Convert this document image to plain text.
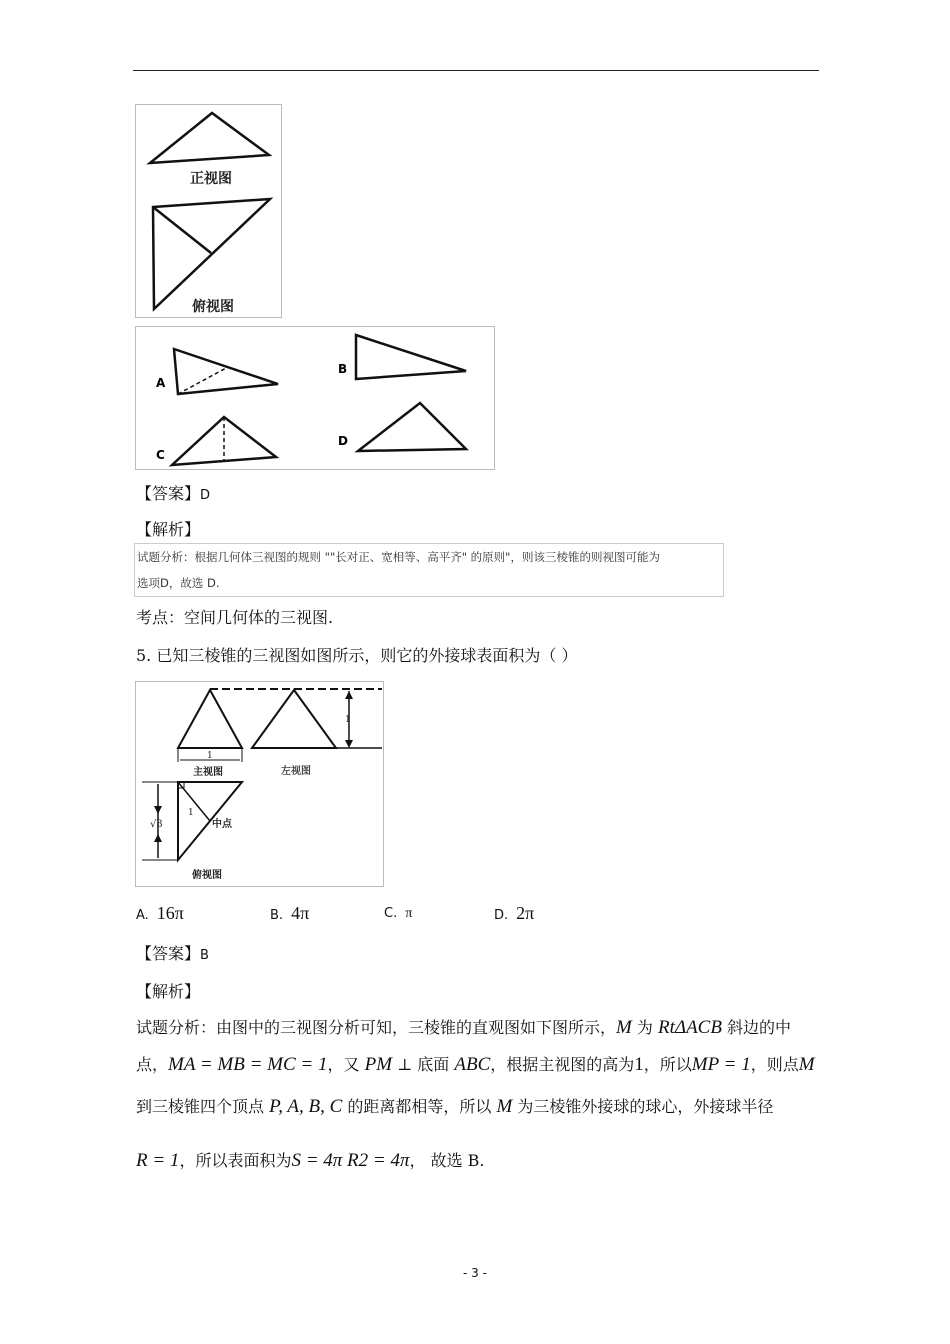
正视图
俯视图
A
B
C
D
【答案】D
【解析】
试题分析：根据几何体三视图的规则 ""长对正、宽相等、高平齐" 的原则"，则该三棱锥的则视图可能为
选项D，故选 D.
考点：空间几何体的三视图.
5. 已知三棱锥的三视图如图所示，则它的外接球表面积为（ ）
1
主视图
1
左视图
√3
1
中点
俯视图
A. 16π	B. 4π	C. π	D. 2π
【答案】B
【解析】
试题分析：由图中的三视图分析可知，三棱锥的直观图如下图所示，M 为 RtΔACB 斜边的中
点，MA = MB = MC = 1，又 PM ⊥ 底面 ABC，根据主视图的高为1，所以MP = 1，则点M
到三棱锥四个顶点 P, A, B, C 的距离都相等，所以 M 为三棱锥外接球的球心，外接球半径
R = 1，所以表面积为S = 4π R2 = 4π， 故选 B.
- 3 -
